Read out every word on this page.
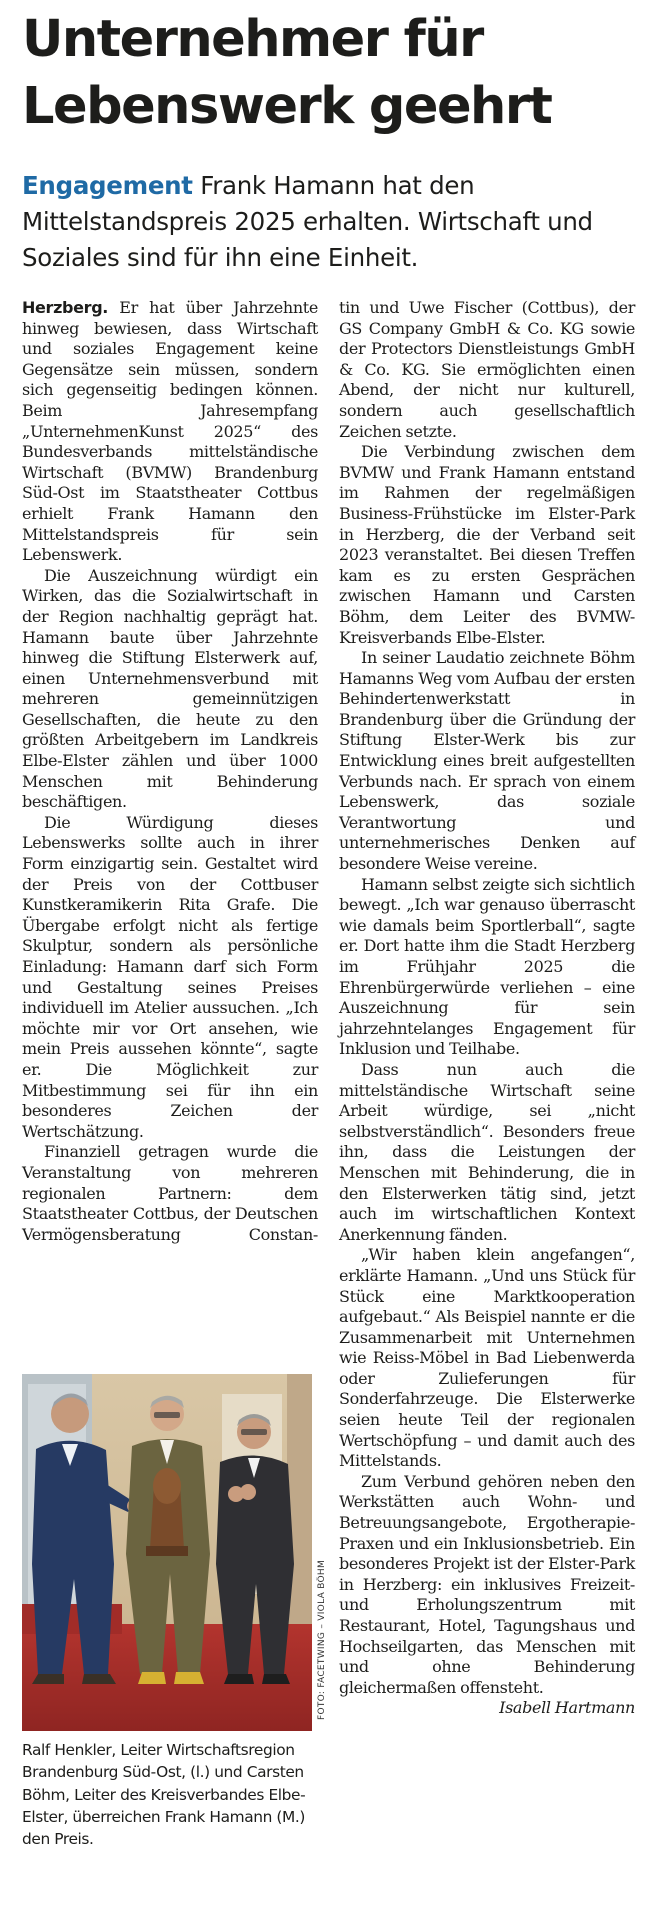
Unternehmer für Lebenswerk geehrt

Engagement Frank Hamann hat den Mittelstandspreis 2025 erhalten. Wirtschaft und Soziales sind für ihn eine Einheit.

Herzberg. Er hat über Jahrzehnte hinweg bewiesen, dass Wirtschaft und soziales Engagement keine Gegensätze sein müssen, sondern sich gegenseitig bedingen können. Beim Jahresempfang „UnternehmenKunst 2025“ des Bundesverbands mittelständische Wirtschaft (BVMW) Brandenburg Süd-Ost im Staatstheater Cottbus erhielt Frank Hamann den Mittelstandspreis für sein Lebenswerk.

Die Auszeichnung würdigt ein Wirken, das die Sozialwirtschaft in der Region nachhaltig geprägt hat. Hamann baute über Jahrzehnte hinweg die Stiftung Elsterwerk auf, einen Unternehmensverbund mit mehreren gemeinnützigen Gesellschaften, die heute zu den größten Arbeitgebern im Landkreis Elbe-Elster zählen und über 1000 Menschen mit Behinderung beschäftigen.

Die Würdigung dieses Lebenswerks sollte auch in ihrer Form einzigartig sein. Gestaltet wird der Preis von der Cottbuser Kunstkeramikerin Rita Grafe. Die Übergabe erfolgt nicht als fertige Skulptur, sondern als persönliche Einladung: Hamann darf sich Form und Gestaltung seines Preises individuell im Atelier aussuchen. „Ich möchte mir vor Ort ansehen, wie mein Preis aussehen könnte“, sagte er. Die Möglichkeit zur Mitbestimmung sei für ihn ein besonderes Zeichen der Wertschätzung.

Finanziell getragen wurde die Veranstaltung von mehreren regionalen Partnern: dem Staatstheater Cottbus, der Deutschen Vermögensberatung Constan-

tin und Uwe Fischer (Cottbus), der GS Company GmbH & Co. KG sowie der Protectors Dienstleistungs GmbH & Co. KG. Sie ermöglichten einen Abend, der nicht nur kulturell, sondern auch gesellschaftlich Zeichen setzte.

Die Verbindung zwischen dem BVMW und Frank Hamann entstand im Rahmen der regelmäßigen Business-Frühstücke im Elster-Park in Herzberg, die der Verband seit 2023 veranstaltet. Bei diesen Treffen kam es zu ersten Gesprächen zwischen Hamann und Carsten Böhm, dem Leiter des BVMW-Kreisverbands Elbe-Elster.

In seiner Laudatio zeichnete Böhm Hamanns Weg vom Aufbau der ersten Behindertenwerkstatt in Brandenburg über die Gründung der Stiftung Elster-Werk bis zur Entwicklung eines breit aufgestellten Verbunds nach. Er sprach von einem Lebenswerk, das soziale Verantwortung und unternehmerisches Denken auf besondere Weise vereine.

Hamann selbst zeigte sich sichtlich bewegt. „Ich war genauso überrascht wie damals beim Sportlerball“, sagte er. Dort hatte ihm die Stadt Herzberg im Frühjahr 2025 die Ehrenbürgerwürde verliehen – eine Auszeichnung für sein jahrzehntelanges Engagement für Inklusion und Teilhabe.

Dass nun auch die mittelständische Wirtschaft seine Arbeit würdige, sei „nicht selbstverständlich“. Besonders freue ihn, dass die Leistungen der Menschen mit Behinderung, die in den Elsterwerken tätig sind, jetzt auch im wirtschaftlichen Kontext Anerkennung fänden.

„Wir haben klein angefangen“, erklärte Hamann. „Und uns Stück für Stück eine Marktkooperation aufgebaut.“ Als Beispiel nannte er die Zusammenarbeit mit Unternehmen wie Reiss-Möbel in Bad Liebenwerda oder Zulieferungen für Sonderfahrzeuge. Die Elsterwerke seien heute Teil der regionalen Wertschöpfung – und damit auch des Mittelstands.

Zum Verbund gehören neben den Werkstätten auch Wohn- und Betreuungsangebote, Ergotherapie-Praxen und ein Inklusionsbetrieb. Ein besonderes Projekt ist der Elster-Park in Herzberg: ein inklusives Freizeit- und Erholungszentrum mit Restaurant, Hotel, Tagungshaus und Hochseilgarten, das Menschen mit und ohne Behinderung gleichermaßen offensteht.

Isabell Hartmann

FOTO: FACETWING – VIOLA BÖHM

Ralf Henkler, Leiter Wirtschaftsregion Brandenburg Süd-Ost, (l.) und Carsten Böhm, Leiter des Kreisverbandes Elbe-Elster, überreichen Frank Hamann (M.) den Preis.
